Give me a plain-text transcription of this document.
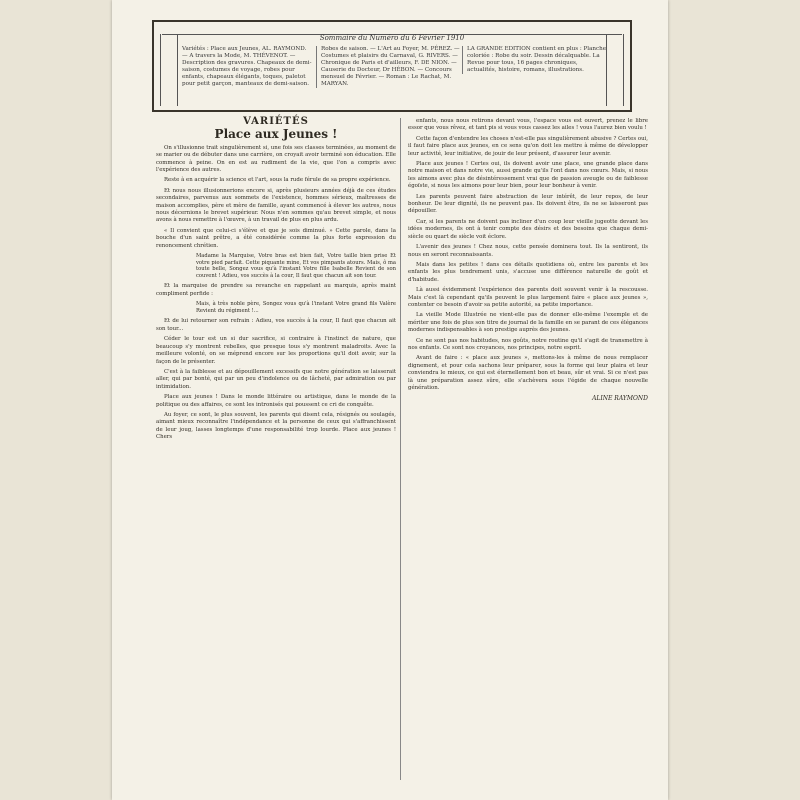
Sommaire du Numéro du 6 Février 1910
Variétés : Place aux Jeunes, AL. RAYMOND. — A travers la Mode, M. THÉVENOT. — Description des gravures. Chapeaux de demi-saison, costumes de voyage, robes pour enfants, chapeaux élégants, toques, paletot pour petit garçon, manteaux de demi-saison.
Robes de saison. — L'Art au Foyer, M. PÉREZ. — Costumes et plaisirs du Carnaval, G. RIVERS. — Chronique de Paris et d'ailleurs, F. DE NION. — Causerie du Docteur, Dr HÉBON. — Concours mensuel de Février. — Roman : Le Rachat, M. MARYAN.
LA GRANDE EDITION contient en plus : Planche coloriée : Robe du soir. Dessin décalquable. La Revue pour tous, 16 pages chroniques, actualités, histoire, romans, illustrations.
VARIÉTÉS
Place aux Jeunes !

On s'illusionne trait singulièrement si, une fois ses classes terminées, au moment de se marier ou de débuter dans une carrière, on croyait avoir terminé son éducation. Elle commence à peine. On en est au rudiment de la vie, que l'on a compris avec l'expérience des autres.

Reste à en acquérir la science et l'art, sous la rude férule de sa propre expérience.

Et nous nous illusionnerions encore si, après plusieurs années déjà de ces études secondaires, parvenus aux sommets de l'existence, hommes sérieux, maîtresses de maison accomplies, père et mère de famille, ayant commencé à élever les autres, nous nous décernions le brevet supérieur. Nous n'en sommes qu'au brevet simple, et nous avons à nous remettre à l'œuvre, à un travail de plus en plus ardu.

« Il convient que celui-ci s'élève et que je sois diminué. » Cette parole, dans la bouche d'un saint prêtre, a été considérée comme la plus forte expression du renoncement chrétien.

Madame la Marquise, Votre bras est bien fait, Votre taille bien prise Et votre pied parfait. Cette piquante mine, Et vos pimpants atours. Mais, ô ma toute belle, Songez vous qu'à l'instant Votre fille Isabelle Revient de son couvent ! Adieu, vos succès à la cour, Il faut que chacun ait son tour.

Et la marquise de prendre sa revanche en rappelant au marquis, après maint compliment perfide :

Mais, à très noble père, Songez vous qu'à l'instant Votre grand fils Valère Revient du régiment !...

Et de lui retourner son refrain : Adieu, vos succès à la cour, Il faut que chacun ait son tour...

Céder le tour est un si dur sacrifice, si contraire à l'instinct de nature, que beaucoup s'y montrent rebelles, que presque tous s'y montrent maladroits. Avec la meilleure volonté, on se méprend encore sur les proportions qu'il doit avoir, sur la façon de le présenter.

C'est à la faiblesse et au dépouillement excessifs que notre génération se laisserait aller, qui par bonté, qui par un peu d'indolence ou de lâcheté, par admiration ou par intimidation.

Place aux jeunes ! Dans le monde littéraire ou artistique, dans le monde de la politique ou des affaires, ce sont les intronisés qui poussent ce cri de conquête.

Au foyer, ce sont, le plus souvent, les parents qui disent cela, résignés ou soulagés, aimant mieux reconnaître l'indépendance et la personne de ceux qui s'affranchissent de leur joug, lasses longtemps d'une responsabilité trop lourde. Place aux jeunes ! Chers

enfants, nous nous retirons devant vous, l'espace vous est ouvert, prenez le libre essor que vous rêvez, et tant pis si vous vous cassez les ailes ! vous l'aurez bien voulu !

Cette façon d'entendre les choses n'est-elle pas singulièrement abusive ? Certes oui, il faut faire place aux jeunes, en ce sens qu'on doit les mettre à même de développer leur activité, leur initiative, de jouir de leur présent, d'assurer leur avenir.

Place aux jeunes ! Certes oui, ils doivent avoir une place, une grande place dans notre maison et dans notre vie, aussi grande qu'ils l'ont dans nos cœurs. Mais, si nous les aimons avec plus de désintéressement vrai que de passion aveugle ou de faiblesse égoïste, si nous les aimons pour leur bien, pour leur bonheur à venir.

Les parents peuvent faire abstraction de leur intérêt, de leur repos, de leur bonheur. De leur dignité, ils ne peuvent pas. Ils doivent être, ils ne se laisseront pas dépouiller.

Car, si les parents ne doivent pas incliner d'un coup leur vieille jugeotte devant les idées modernes, ils ont à tenir compte des désirs et des besoins que chaque demi-siècle ou quart de siècle voit éclore.

L'avenir des jeunes ! Chez nous, cette pensée dominera tout. Ils la sentiront, ils nous en seront reconnaissants.

Mais dans les petites ! dans ces détails quotidiens où, entre les parents et les enfants les plus tendrement unis, s'accuse une différence naturelle de goût et d'habitude.

Là aussi évidemment l'expérience des parents doit souvent venir à la rescousse. Mais c'est là cependant qu'ils peuvent le plus largement faire « place aux jeunes », contenter ce besoin d'avoir sa petite autorité, sa petite importance.

La vieille Mode Illustrée ne vient-elle pas de donner elle-même l'exemple et de mériter une fois de plus son titre de journal de la famille en se parant de ces élégances modernes indispensables à son prestige auprès des jeunes.

Ce ne sont pas nos habitudes, nos goûts, notre routine qu'il s'agit de transmettre à nos enfants. Ce sont nos croyances, nos principes, notre esprit.

Avant de faire : « place aux jeunes », mettons-les à même de nous remplacer dignement, et pour cela sachons leur préparer, sous la forme qui leur plaira et leur conviendra le mieux, ce qui est éternellement bon et beau, sûr et vrai. Si ce n'est pas là une préparation assez sûre, elle s'achèvera sous l'égide de chaque nouvelle génération.

ALINE RAYMOND
